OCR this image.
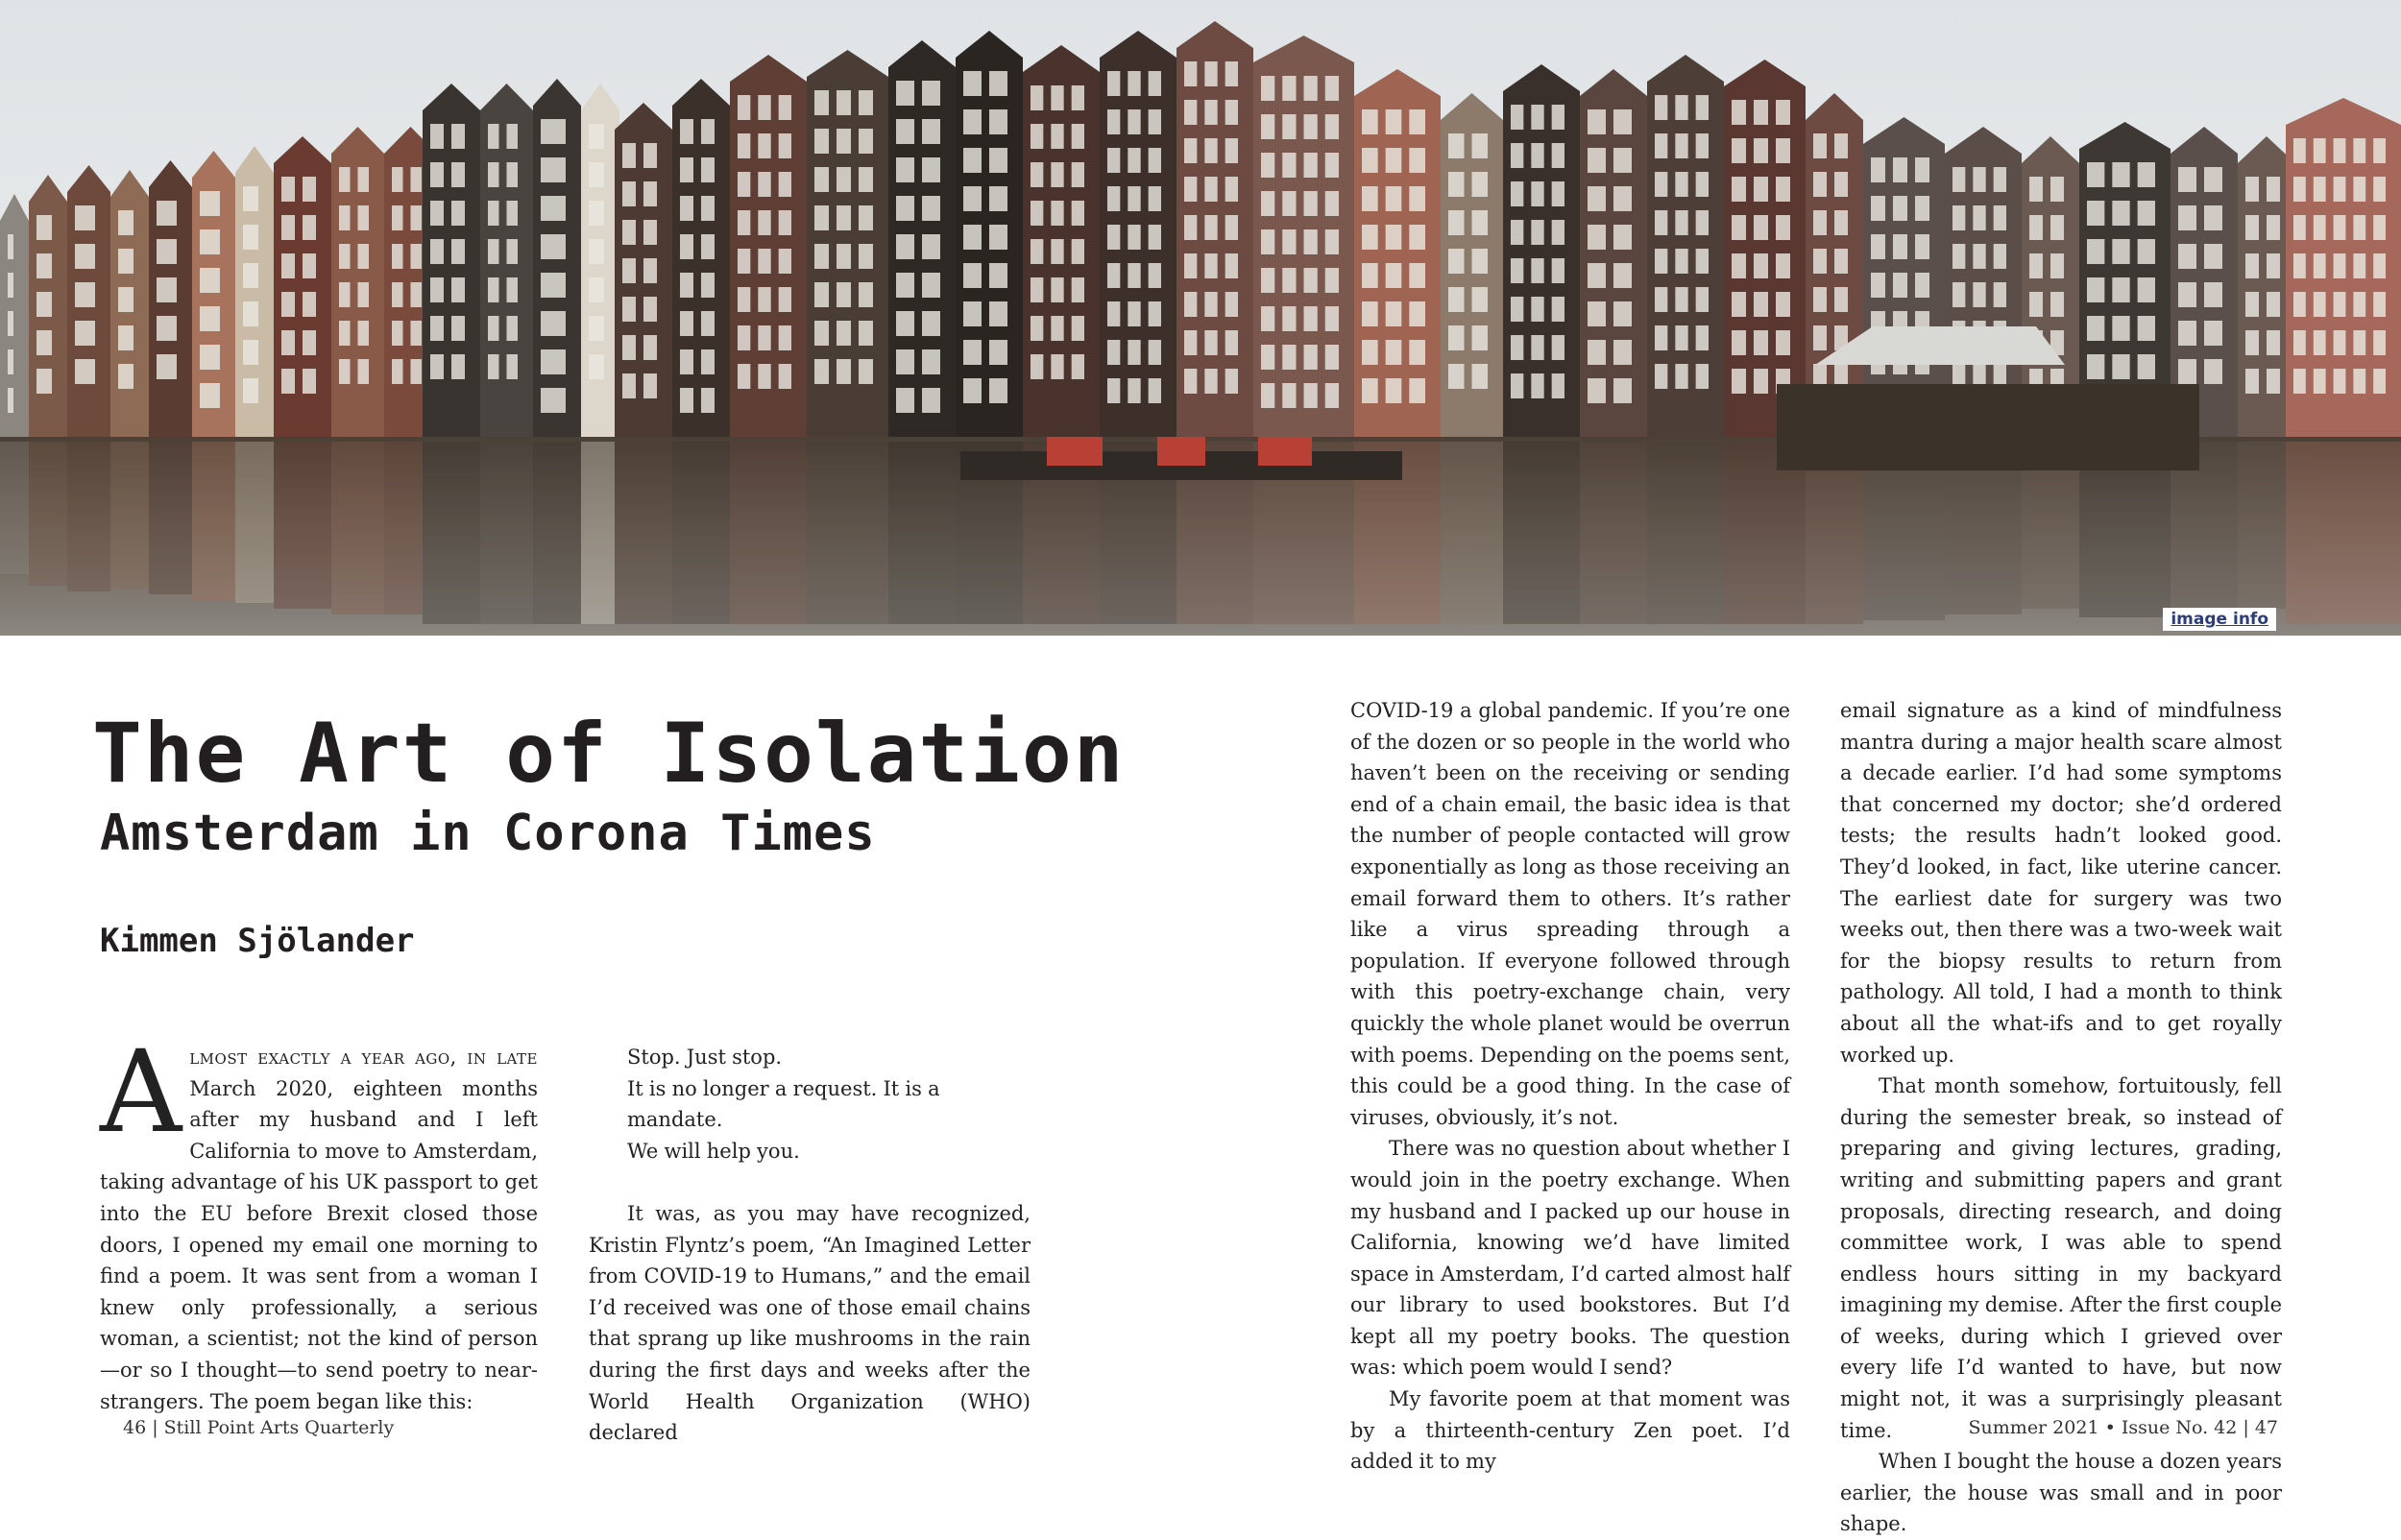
image info
The Art of Isolation
Amsterdam in Corona Times
Kimmen Sjölander

Almost exactly a year ago, in late March 2020, eighteen months after my husband and I left California to move to Amsterdam, taking advantage of his UK passport to get into the EU before Brexit closed those doors, I opened my email one morning to find a poem. It was sent from a woman I knew only professionally, a serious woman, a scientist; not the kind of person—or so I thought—to send poetry to near-strangers. The poem began like this:

Stop. Just stop.

It is no longer a request. It is a mandate.

We will help you.

It was, as you may have recognized, Kristin Flyntz’s poem, “An Imagined Letter from COVID-19 to Humans,” and the email I’d received was one of those email chains that sprang up like mushrooms in the rain during the first days and weeks after the World Health Organization (WHO) declared

COVID-19 a global pandemic. If you’re one of the dozen or so people in the world who haven’t been on the receiving or sending end of a chain email, the basic idea is that the number of people contacted will grow exponentially as long as those receiving an email forward them to others. It’s rather like a virus spreading through a population. If everyone followed through with this poetry-exchange chain, very quickly the whole planet would be overrun with poems. Depending on the poems sent, this could be a good thing. In the case of viruses, obviously, it’s not.

There was no question about whether I would join in the poetry exchange. When my husband and I packed up our house in California, knowing we’d have limited space in Amsterdam, I’d carted almost half our library to used bookstores. But I’d kept all my poetry books. The question was: which poem would I send?

My favorite poem at that moment was by a thirteenth-century Zen poet. I’d added it to my

email signature as a kind of mindfulness mantra during a major health scare almost a decade earlier. I’d had some symptoms that concerned my doctor; she’d ordered tests; the results hadn’t looked good. They’d looked, in fact, like uterine cancer. The earliest date for surgery was two weeks out, then there was a two-week wait for the biopsy results to return from pathology. All told, I had a month to think about all the what-ifs and to get royally worked up.

That month somehow, fortuitously, fell during the semester break, so instead of preparing and giving lectures, grading, writing and submitting papers and grant proposals, directing research, and doing committee work, I was able to spend endless hours sitting in my backyard imagining my demise. After the first couple of weeks, during which I grieved over every life I’d wanted to have, but now might not, it was a surprisingly pleasant time.

When I bought the house a dozen years earlier, the house was small and in poor shape.

46 | Still Point Arts Quarterly	Summer 2021 • Issue No. 42 | 47
